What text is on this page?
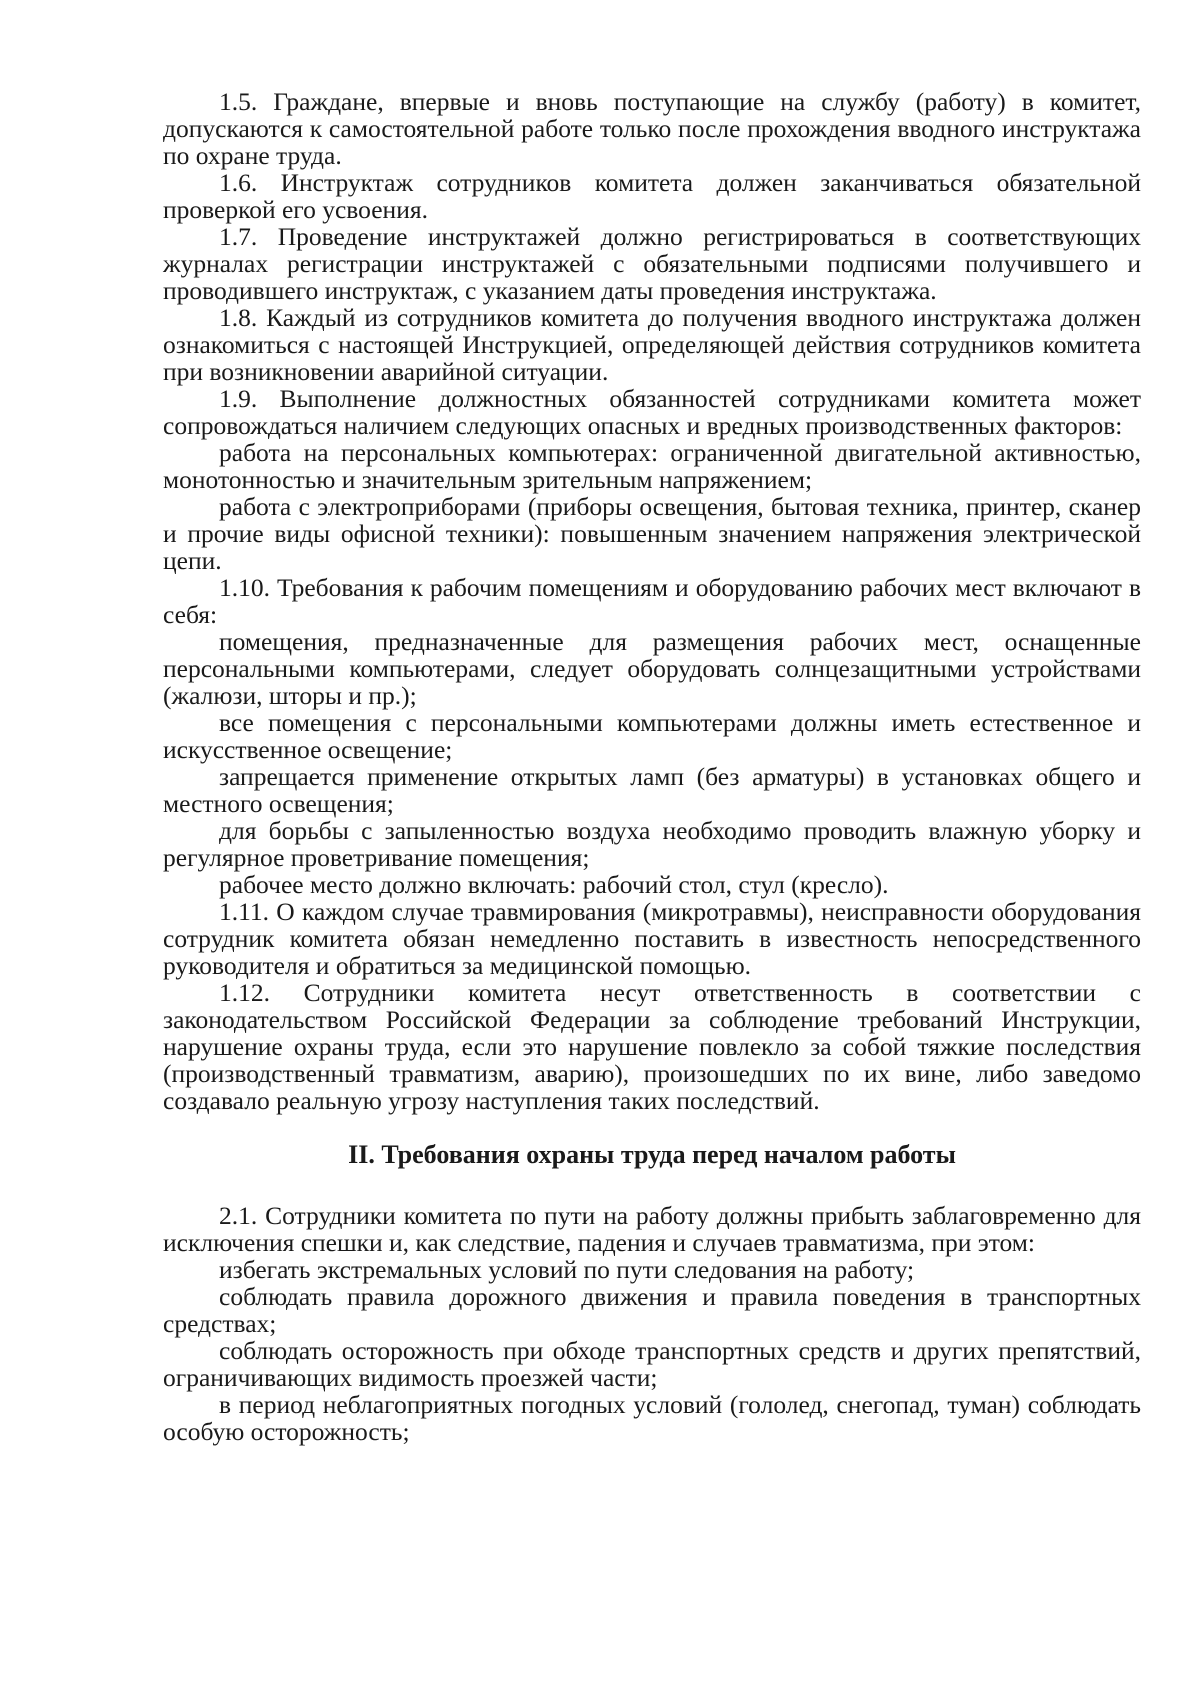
1.5. Граждане, впервые и вновь поступающие на службу (работу) в комитет, допускаются к самостоятельной работе только после прохождения вводного инструктажа по охране труда.

1.6. Инструктаж сотрудников комитета должен заканчиваться обязательной проверкой его усвоения.

1.7. Проведение инструктажей должно регистрироваться в соответствующих журналах регистрации инструктажей с обязательными подписями получившего и проводившего инструктаж, с указанием даты проведения инструктажа.

1.8. Каждый из сотрудников комитета до получения вводного инструктажа должен ознакомиться с настоящей Инструкцией, определяющей действия сотрудников комитета при возникновении аварийной ситуации.

1.9. Выполнение должностных обязанностей сотрудниками комитета может сопровождаться наличием следующих опасных и вредных производственных факторов:

работа на персональных компьютерах: ограниченной двигательной активностью, монотонностью и значительным зрительным напряжением;

работа с электроприборами (приборы освещения, бытовая техника, принтер, сканер и прочие виды офисной техники): повышенным значением напряжения электрической цепи.

1.10. Требования к рабочим помещениям и оборудованию рабочих мест включают в себя:

помещения, предназначенные для размещения рабочих мест, оснащенные персональными компьютерами, следует оборудовать солнцезащитными устройствами (жалюзи, шторы и пр.);

все помещения с персональными компьютерами должны иметь естественное и искусственное освещение;

запрещается применение открытых ламп (без арматуры) в установках общего и местного освещения;

для борьбы с запыленностью воздуха необходимо проводить влажную уборку и регулярное проветривание помещения;

рабочее место должно включать: рабочий стол, стул (кресло).

1.11. О каждом случае травмирования (микротравмы), неисправности оборудования сотрудник комитета обязан немедленно поставить в известность непосредственного руководителя и обратиться за медицинской помощью.

1.12. Сотрудники комитета несут ответственность в соответствии с законодательством Российской Федерации за соблюдение требований Инструкции, нарушение охраны труда, если это нарушение повлекло за собой тяжкие последствия (производственный травматизм, аварию), произошедших по их вине, либо заведомо создавало реальную угрозу наступления таких последствий.

II. Требования охраны труда перед началом работы

2.1. Сотрудники комитета по пути на работу должны прибыть заблаговременно для исключения спешки и, как следствие, падения и случаев травматизма, при этом:

избегать экстремальных условий по пути следования на работу;

соблюдать правила дорожного движения и правила поведения в транспортных средствах;

соблюдать осторожность при обходе транспортных средств и других препятствий, ограничивающих видимость проезжей части;

в период неблагоприятных погодных условий (гололед, снегопад, туман) соблюдать особую осторожность;
